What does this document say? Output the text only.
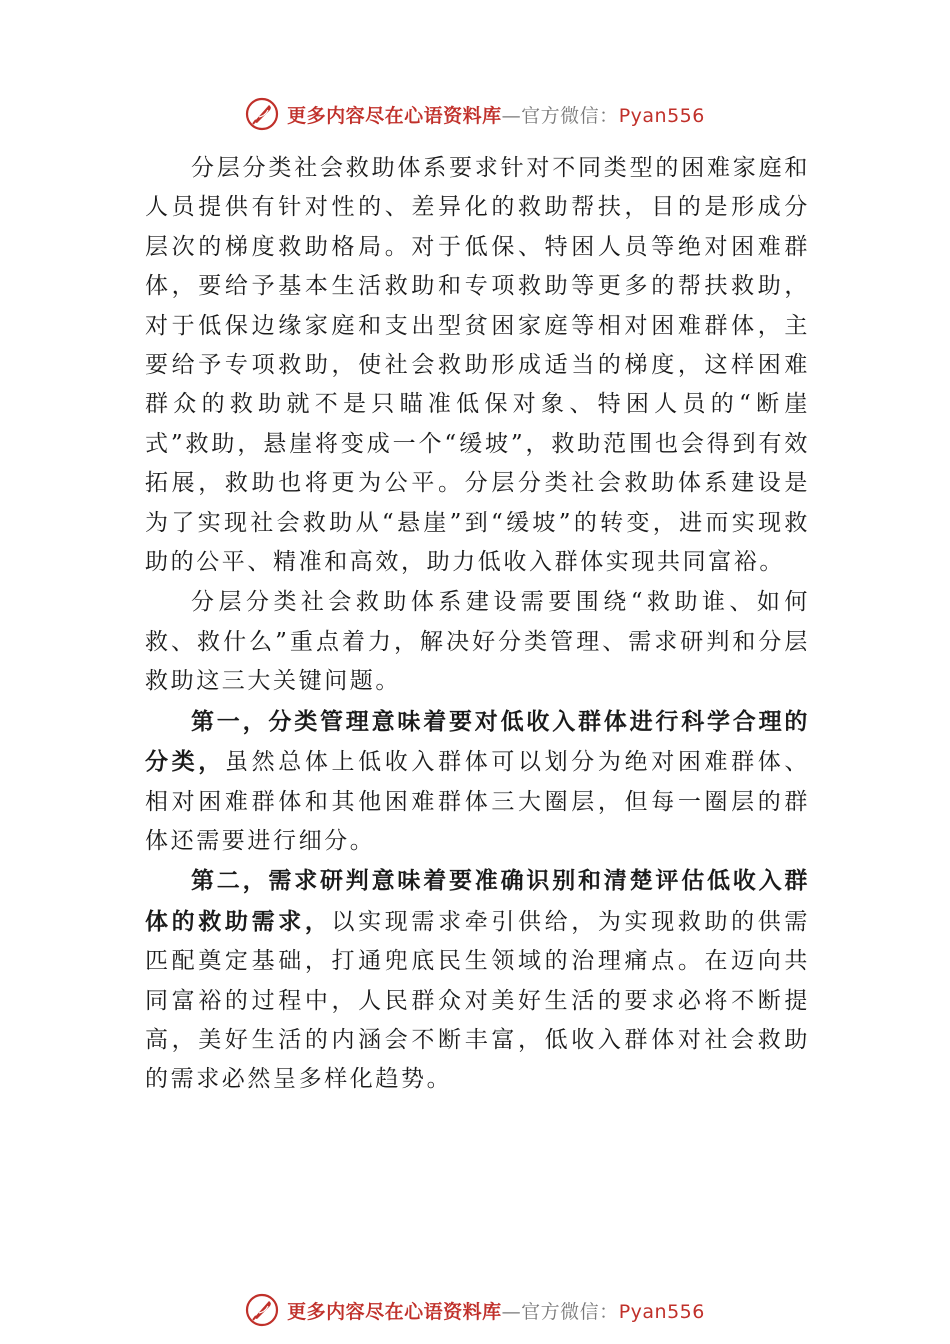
更多内容尽在心语资料库—官方微信：Pyan556

分层分类社会救助体系要求针对不同类型的困难家庭和人员提供有针对性的、差异化的救助帮扶，目的是形成分层次的梯度救助格局。对于低保、特困人员等绝对困难群体，要给予基本生活救助和专项救助等更多的帮扶救助，对于低保边缘家庭和支出型贫困家庭等相对困难群体，主要给予专项救助，使社会救助形成适当的梯度，这样困难群众的救助就不是只瞄准低保对象、特困人员的“断崖式”救助，悬崖将变成一个“缓坡”，救助范围也会得到有效拓展，救助也将更为公平。分层分类社会救助体系建设是为了实现社会救助从“悬崖”到“缓坡”的转变，进而实现救助的公平、精准和高效，助力低收入群体实现共同富裕。

分层分类社会救助体系建设需要围绕“救助谁、如何救、救什么”重点着力，解决好分类管理、需求研判和分层救助这三大关键问题。

第一，分类管理意味着要对低收入群体进行科学合理的分类，虽然总体上低收入群体可以划分为绝对困难群体、相对困难群体和其他困难群体三大圈层，但每一圈层的群体还需要进行细分。

第二，需求研判意味着要准确识别和清楚评估低收入群体的救助需求，以实现需求牵引供给，为实现救助的供需匹配奠定基础，打通兜底民生领域的治理痛点。在迈向共同富裕的过程中，人民群众对美好生活的要求必将不断提高，美好生活的内涵会不断丰富，低收入群体对社会救助的需求必然呈多样化趋势。

更多内容尽在心语资料库—官方微信：Pyan556
